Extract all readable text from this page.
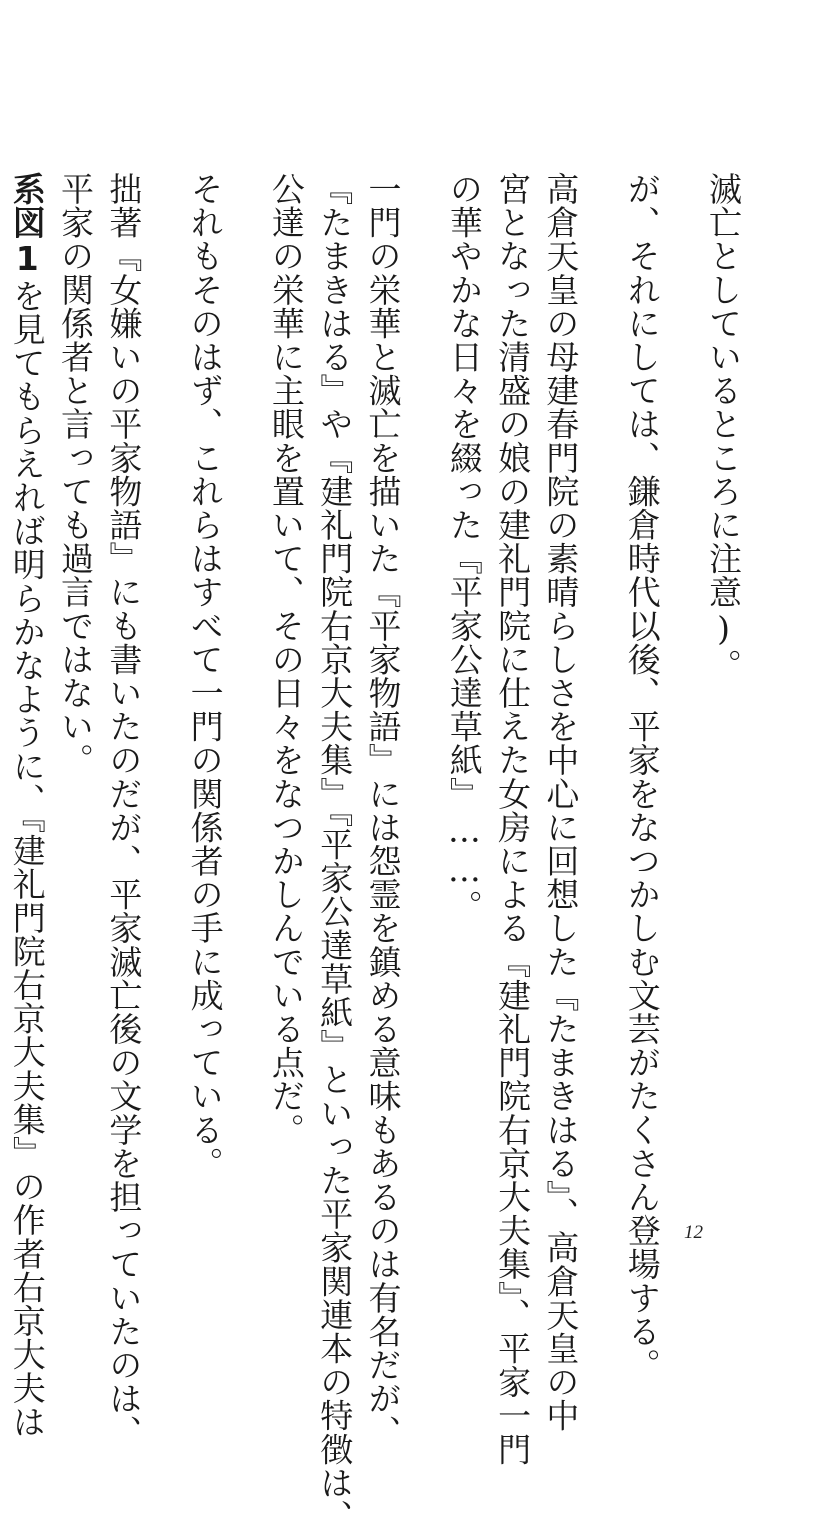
滅亡としているところに注意)。
が、それにしては、鎌倉時代以後、平家をなつかしむ文芸がたくさん登場する。
高倉天皇の母建春門院の素晴らしさを中心に回想した『たまきはる』、高倉天皇の中
宮となった清盛の娘の建礼門院に仕えた女房による『建礼門院右京大夫集』、平家一門
の華やかな日々を綴った『平家公達草紙』……。
一門の栄華と滅亡を描いた『平家物語』には怨霊を鎮める意味もあるのは有名だが、
『たまきはる』や『建礼門院右京大夫集』『平家公達草紙』といった平家関連本の特徴は、
公達の栄華に主眼を置いて、その日々をなつかしんでいる点だ。
それもそのはず、これらはすべて一門の関係者の手に成っている。
拙著『女嫌いの平家物語』にも書いたのだが、平家滅亡後の文学を担っていたのは、
平家の関係者と言っても過言ではない。
系図1を見てもらえれば明らかなように、『建礼門院右京大夫集』の作者右京大夫は	12
